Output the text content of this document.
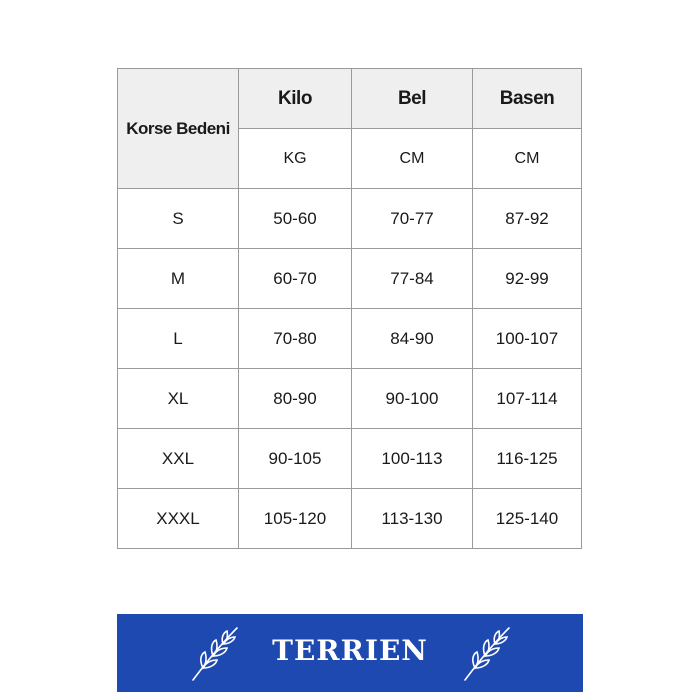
Korse Bedeni	Kilo	Bel	Basen
	KG	CM	CM
S	50-60	70-77	87-92
M	60-70	77-84	92-99
L	70-80	84-90	100-107
XL	80-90	90-100	107-114
XXL	90-105	100-113	116-125
XXXL	105-120	113-130	125-140
TERRIEN
